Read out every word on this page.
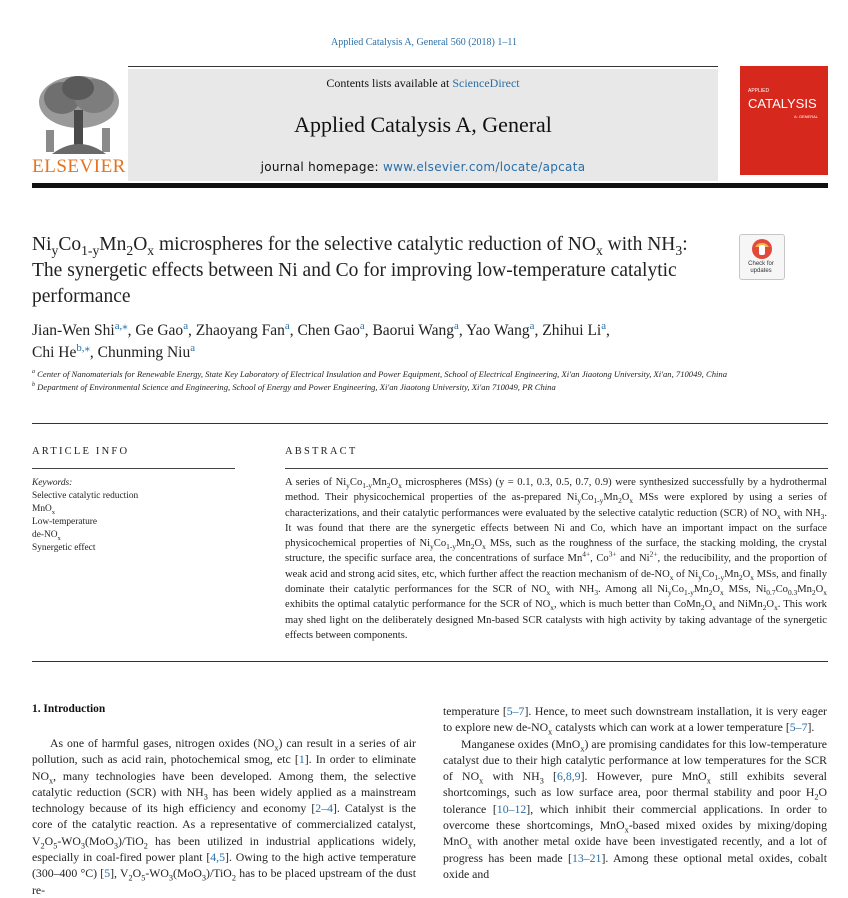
Applied Catalysis A, General 560 (2018) 1–11
Contents lists available at ScienceDirect
Applied Catalysis A, General
journal homepage: www.elsevier.com/locate/apcata
ELSEVIER
APPLIED
CATALYSIS
A: GENERAL
$Ni_yCo_{1-y}Mn_2O_x$ microspheres for the selective catalytic reduction of $NO_x$ with $NH_3$: The synergetic effects between Ni and Co for improving low-temperature catalytic performance
Check for updates
Jian-Wen Shi$^{a,⁎}$, Ge Gao$^a$, Zhaoyang Fan$^a$, Chen Gao$^a$, Baorui Wang$^a$, Yao Wang$^a$, Zhihui Li$^a$,
Chi $He^{b,⁎}$, Chunming Niu$^a$
$^a$ Center of Nanomaterials for Renewable Energy, State Key Laboratory of Electrical Insulation and Power Equipment, School of Electrical Engineering, Xi'an Jiaotong University, Xi'an, 710049, China
$^b$ Department of Environmental Science and Engineering, School of Energy and Power Engineering, Xi'an Jiaotong University, Xi'an 710049, PR China
ARTICLE INFO	ABSTRACT
Keywords:
Selective catalytic reduction
MnO$_x$
Low-temperature
$de-NO_x$
Synergetic effect
A series of $Ni_yCo_{1-y}Mn_2O_x$ microspheres (MSs) (y = 0.1, 0.3, 0.5, 0.7, 0.9) were synthesized successfully by a hydrothermal method. Their physicochemical properties of the as-prepared $Ni_yCo_{1-y}Mn_2O_x$ MSs were explored by using a series of characterizations, and their catalytic performances were evaluated by the selective catalytic reduction (SCR) of $NO_x$ with $NH_3$. It was found that there are the synergetic effects between Ni and Co, which have an important impact on the surface physicochemical properties of $Ni_yCo_{1-y}Mn_2O_x$ MSs, such as the roughness of the surface, the stacking molding, the crystal structure, the specific surface area, the concentrations of surface $Mn^{4+}$, $Co^{3+}$ and $Ni^{2+}$, the reducibility, and the proportion of weak acid and strong acid sites, etc, which further affect the reaction mechanism of $de-NO_x$ of $Ni_yCo_{1-y}Mn_2O_x$ MSs, and finally dominate their catalytic performances for the SCR of $NO_x$ with $NH_3$. Among all $Ni_yCo_{1-y}Mn_2O_x$ MSs, $Ni_{0.7}Co_{0.3}Mn_2O_x$ exhibits the optimal catalytic performance for the SCR of $NO_x$, which is much better than $CoMn_2O_x$ and $NiMn_2O_x$. This work may shed light on the deliberately designed Mn-based SCR catalysts with high activity by taking advantage of the synergetic effects between components.
1. Introduction

As one of harmful gases, nitrogen oxides $(NO_x)$ can result in a series of air pollution, such as acid rain, photochemical smog, etc [1]. In order to eliminate $NO_x$, many technologies have been developed. Among them, the selective catalytic reduction (SCR) with $NH_3$ has been widely applied as a mainstream technology because of its high efficiency and economy [2–4]. Catalyst is the core of the catalytic reaction. As a representative of commercialized catalyst, $V_2O_5-WO_3(MoO_3)/TiO_2$ has been utilized in industrial applications widely, especially in coal-fired power plant [4,5]. Owing to the high active temperature (300–400 °C) [5], $V_2O_5-WO_3(MoO_3)/TiO_2$ has to be placed upstream of the dust re-

temperature [5–7]. Hence, to meet such downstream installation, it is very eager to explore new $de-NO_x$ catalysts which can work at a lower temperature [5–7].

Manganese oxides (MnO$_x$) are promising candidates for this low-temperature catalyst due to their high catalytic performance at low temperatures for the SCR of $NO_x$ with $NH_3$ [6,8,9]. However, pure MnO$_x$ still exhibits several shortcomings, such as low surface area, poor thermal stability and poor $H_2O$ tolerance [10–12], which inhibit their commercial applications. In order to overcome these shortcomings, MnO$_x$-based mixed oxides by mixing/doping MnO$_x$ with another metal oxide have been investigated recently, and a lot of progress has been made [13–21]. Among these optional metal oxides, cobalt oxide and
